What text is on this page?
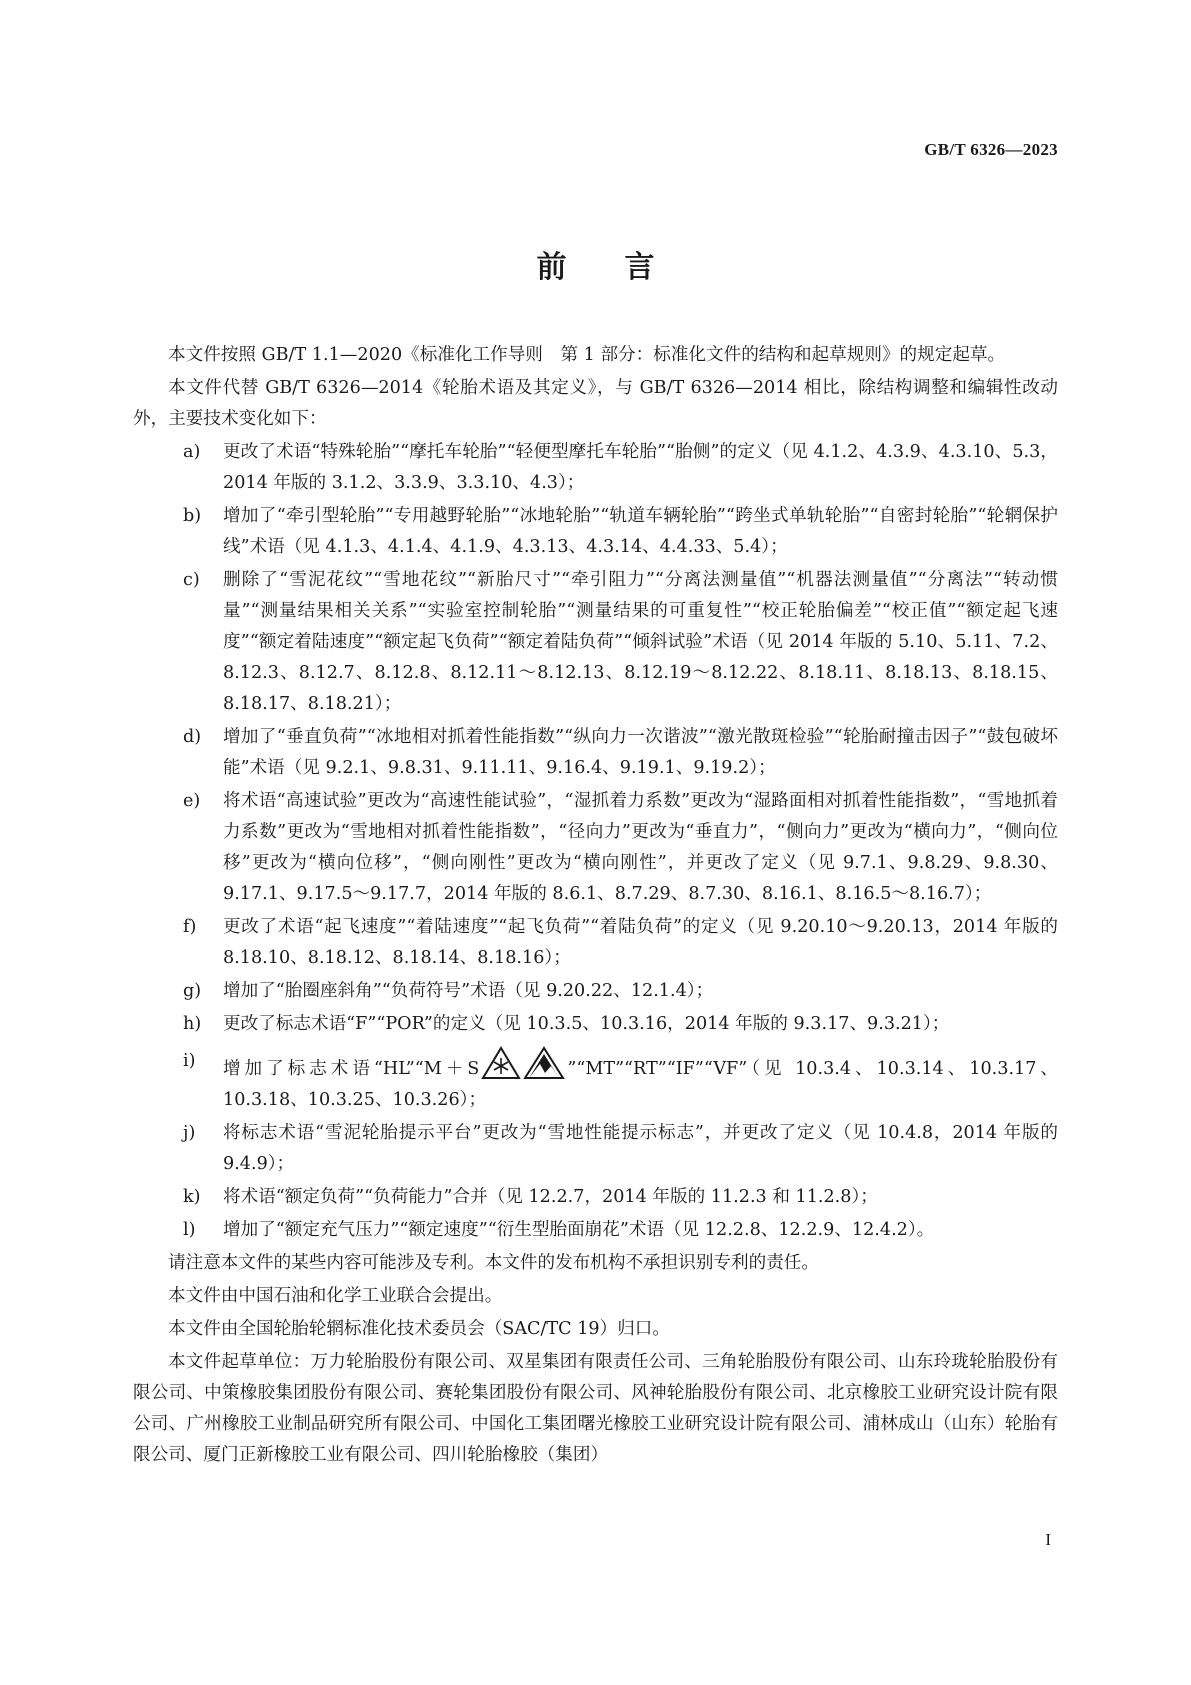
GB/T 6326—2023
前言

本文件按照 GB/T 1.1—2020《标准化工作导则　第 1 部分：标准化文件的结构和起草规则》的规定起草。

本文件代替 GB/T 6326—2014《轮胎术语及其定义》，与 GB/T 6326—2014 相比，除结构调整和编辑性改动外，主要技术变化如下：

a) 更改了术语“特殊轮胎”“摩托车轮胎”“轻便型摩托车轮胎”“胎侧”的定义（见 4.1.2、4.3.9、4.3.10、5.3，2014 年版的 3.1.2、3.3.9、3.3.10、4.3）；
b) 增加了“牵引型轮胎”“专用越野轮胎”“冰地轮胎”“轨道车辆轮胎”“跨坐式单轨轮胎”“自密封轮胎”“轮辋保护线”术语（见 4.1.3、4.1.4、4.1.9、4.3.13、4.3.14、4.4.33、5.4）；
c) 删除了“雪泥花纹”“雪地花纹”“新胎尺寸”“牵引阻力”“分离法测量值”“机器法测量值”“分离法”“转动惯量”“测量结果相关关系”“实验室控制轮胎”“测量结果的可重复性”“校正轮胎偏差”“校正值”“额定起飞速度”“额定着陆速度”“额定起飞负荷”“额定着陆负荷”“倾斜试验”术语（见 2014 年版的 5.10、5.11、7.2、8.12.3、8.12.7、8.12.8、8.12.11～8.12.13、8.12.19～8.12.22、8.18.11、8.18.13、8.18.15、8.18.17、8.18.21）；
d) 增加了“垂直负荷”“冰地相对抓着性能指数”“纵向力一次谐波”“激光散斑检验”“轮胎耐撞击因子”“鼓包破坏能”术语（见 9.2.1、9.8.31、9.11.11、9.16.4、9.19.1、9.19.2）；
e) 将术语“高速试验”更改为“高速性能试验”，“湿抓着力系数”更改为“湿路面相对抓着性能指数”，“雪地抓着力系数”更改为“雪地相对抓着性能指数”，“径向力”更改为“垂直力”，“侧向力”更改为“横向力”，“侧向位移”更改为“横向位移”，“侧向刚性”更改为“横向刚性”，并更改了定义（见 9.7.1、9.8.29、9.8.30、9.17.1、9.17.5～9.17.7，2014 年版的 8.6.1、8.7.29、8.7.30、8.16.1、8.16.5～8.16.7）；
f) 更改了术语“起飞速度”“着陆速度”“起飞负荷”“着陆负荷”的定义（见 9.20.10～9.20.13，2014 年版的 8.18.10、8.18.12、8.18.14、8.18.16）；
g) 增加了“胎圈座斜角”“负荷符号”术语（见 9.20.22、12.1.4）；
h) 更改了标志术语“F”“POR”的定义（见 10.3.5、10.3.16，2014 年版的 9.3.17、9.3.21）；
i) 增加了标志术语“HL”“M＋S	”“MT”“RT”“IF”“VF”（见 10.3.4、10.3.14、10.3.17、10.3.18、10.3.25、10.3.26）；
j) 将标志术语“雪泥轮胎提示平台”更改为“雪地性能提示标志”，并更改了定义（见 10.4.8，2014 年版的 9.4.9）；
k) 将术语“额定负荷”“负荷能力”合并（见 12.2.7，2014 年版的 11.2.3 和 11.2.8）；
l) 增加了“额定充气压力”“额定速度”“衍生型胎面崩花”术语（见 12.2.8、12.2.9、12.4.2）。

请注意本文件的某些内容可能涉及专利。本文件的发布机构不承担识别专利的责任。

本文件由中国石油和化学工业联合会提出。

本文件由全国轮胎轮辋标准化技术委员会（SAC/TC 19）归口。

本文件起草单位：万力轮胎股份有限公司、双星集团有限责任公司、三角轮胎股份有限公司、山东玲珑轮胎股份有限公司、中策橡胶集团股份有限公司、赛轮集团股份有限公司、风神轮胎股份有限公司、北京橡胶工业研究设计院有限公司、广州橡胶工业制品研究所有限公司、中国化工集团曙光橡胶工业研究设计院有限公司、浦林成山（山东）轮胎有限公司、厦门正新橡胶工业有限公司、四川轮胎橡胶（集团）

I
